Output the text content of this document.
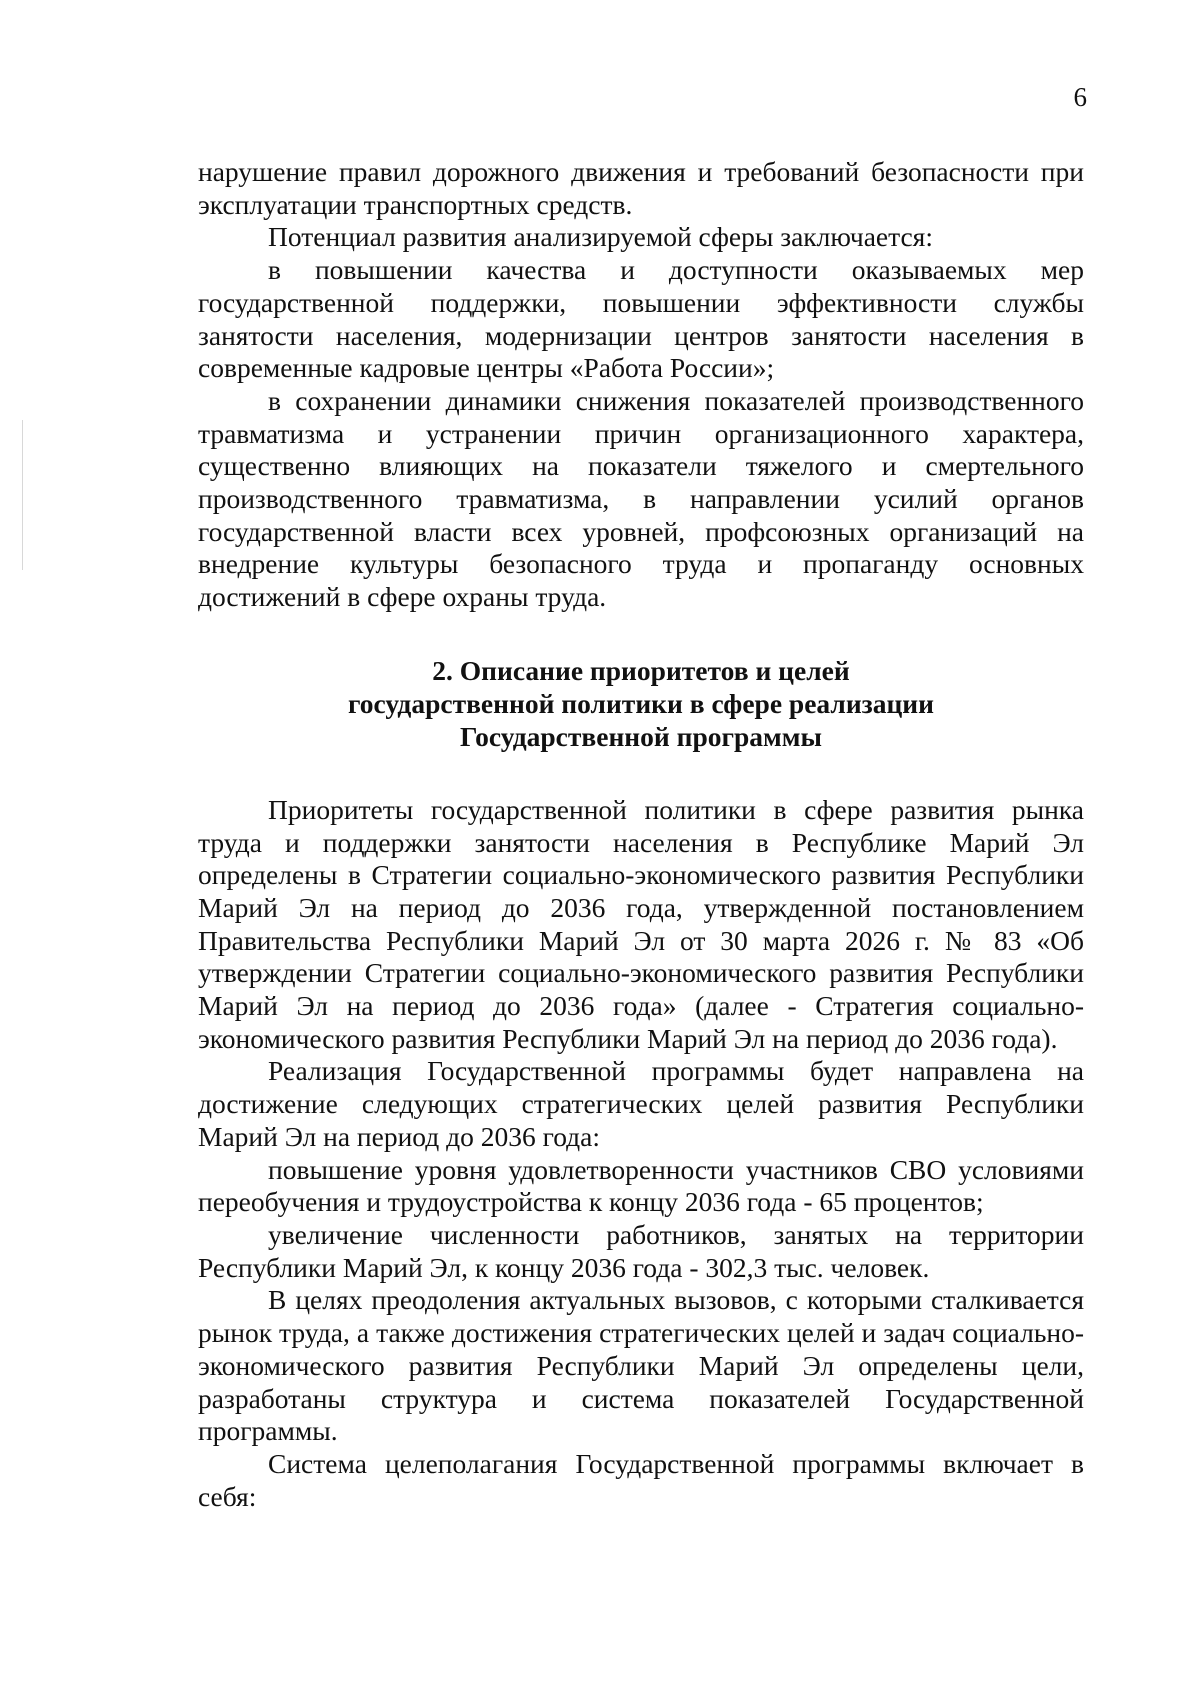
6

нарушение правил дорожного движения и требований безопасности при эксплуатации транспортных средств.

Потенциал развития анализируемой сферы заключается:

в повышении качества и доступности оказываемых мер государственной поддержки, повышении эффективности службы занятости населения, модернизации центров занятости населения в современные кадровые центры «Работа России»;

в сохранении динамики снижения показателей производственного травматизма и устранении причин организационного характера, существенно влияющих на показатели тяжелого и смертельного производственного травматизма, в направлении усилий органов государственной власти всех уровней, профсоюзных организаций на внедрение культуры безопасного труда и пропаганду основных достижений в сфере охраны труда.

2. Описание приоритетов и целей
государственной политики в сфере реализации
Государственной программы

Приоритеты государственной политики в сфере развития рынка труда и поддержки занятости населения в Республике Марий Эл определены в Стратегии социально-экономического развития Республики Марий Эл на период до 2036 года, утвержденной постановлением Правительства Республики Марий Эл от 30 марта 2026 г. № 83 «Об утверждении Стратегии социально-экономического развития Республики Марий Эл на период до 2036 года» (далее - Стратегия социально-экономического развития Республики Марий Эл на период до 2036 года).

Реализация Государственной программы будет направлена на достижение следующих стратегических целей развития Республики Марий Эл на период до 2036 года:

повышение уровня удовлетворенности участников СВО условиями переобучения и трудоустройства к концу 2036 года - 65 процентов;

увеличение численности работников, занятых на территории Республики Марий Эл, к концу 2036 года - 302,3 тыс. человек.

В целях преодоления актуальных вызовов, с которыми сталкивается рынок труда, а также достижения стратегических целей и задач социально-экономического развития Республики Марий Эл определены цели, разработаны структура и система показателей Государственной программы.

Система целеполагания Государственной программы включает в себя:
